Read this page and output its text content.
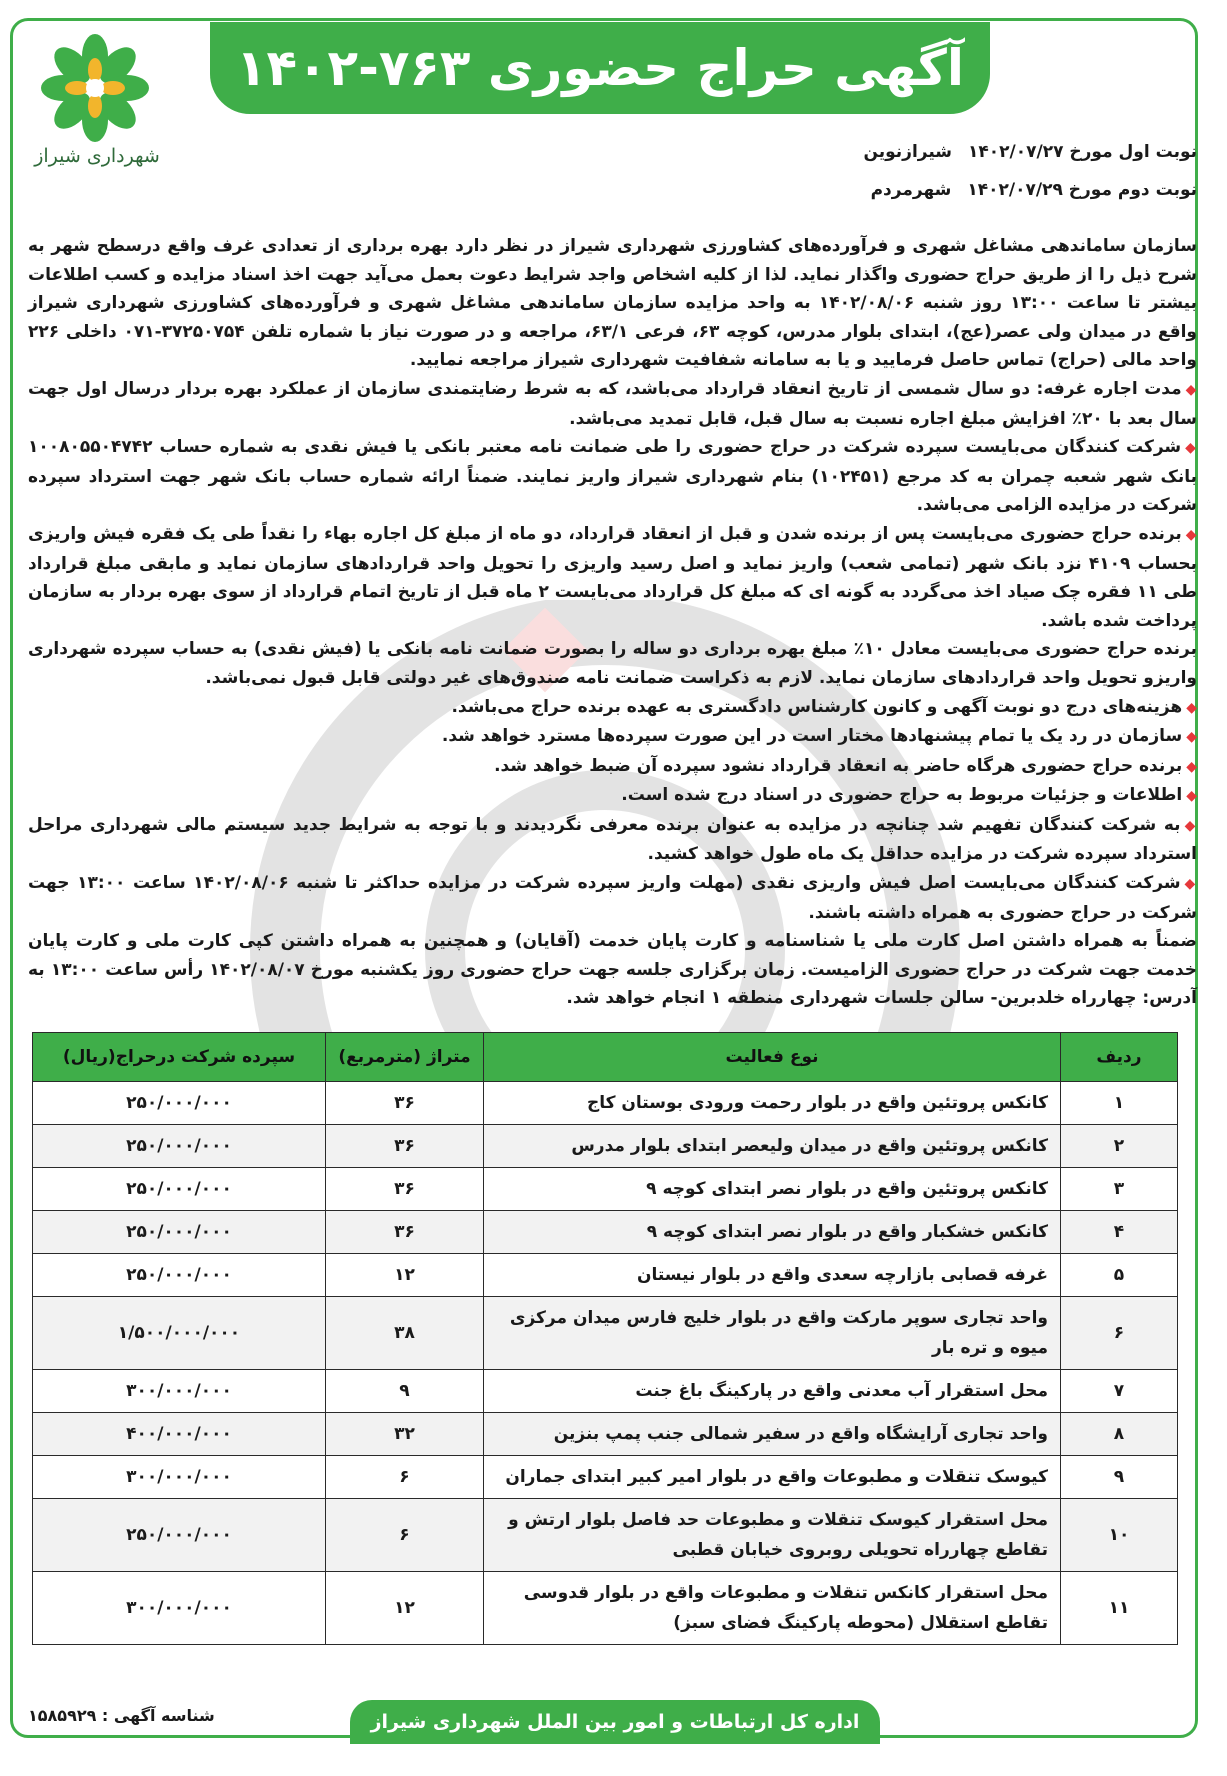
آگهی حراج حضوری ۷۶۳-۱۴۰۲
شهرداری شیراز	نوبت اول مورخ ۱۴۰۲/۰۷/۲۷شیرازنوین
نوبت دوم مورخ ۱۴۰۲/۰۷/۲۹شهرمردم

سازمان ساماندهی مشاغل شهری و فرآورده‌های کشاورزی شهرداری شیراز در نظر دارد بهره برداری از تعدادی غرف واقع درسطح شهر به شرح ذیل را از طریق حراج حضوری واگذار نماید. لذا از کلیه اشخاص واجد شرایط دعوت بعمل می‌آید جهت اخذ اسناد مزایده و کسب اطلاعات بیشتر تا ساعت ۱۳:۰۰ روز شنبه ۱۴۰۲/۰۸/۰۶ به واحد مزایده سازمان ساماندهی مشاغل شهری و فرآورده‌های کشاورزی شهرداری شیراز واقع در میدان ولی عصر(عج)، ابتدای بلوار مدرس، کوچه ۶۳، فرعی ۶۳/۱، مراجعه و در صورت نیاز با شماره تلفن ۳۷۲۵۰۷۵۴-۰۷۱ داخلی ۲۲۶ واحد مالی (حراج) تماس حاصل فرمایید و یا به سامانه شفافیت شهرداری شیراز مراجعه نمایید.

◆ مدت اجاره غرفه: دو سال شمسی از تاریخ انعقاد قرارداد می‌باشد، که به شرط رضایتمندی سازمان از عملکرد بهره بردار درسال اول جهت سال بعد با ۲۰٪ افزایش مبلغ اجاره نسبت به سال قبل، قابل تمدید می‌باشد.

◆ شرکت کنندگان می‌بایست سپرده شرکت در حراج حضوری را طی ضمانت نامه معتبر بانکی یا فیش نقدی به شماره حساب ۱۰۰۸۰۵۵۰۴۷۴۲ بانک شهر شعبه چمران به کد مرجع (۱۰۲۴۵۱) بنام شهرداری شیراز واریز نمایند. ضمناً ارائه شماره حساب بانک شهر جهت استرداد سپرده شرکت در مزایده الزامی می‌باشد.

◆ برنده حراج حضوری می‌بایست پس از برنده شدن و قبل از انعقاد قرارداد، دو ماه از مبلغ کل اجاره بهاء را نقداً طی یک فقره فیش واریزی بحساب ۴۱۰۹ نزد بانک شهر (تمامی شعب) واریز نماید و اصل رسید واریزی را تحویل واحد قراردادهای سازمان نماید و مابقی مبلغ قرارداد طی ۱۱ فقره چک صیاد اخذ می‌گردد به گونه ای که مبلغ کل قرارداد می‌بایست ۲ ماه قبل از تاریخ اتمام قرارداد از سوی بهره بردار به سازمان پرداخت شده باشد.

برنده حراج حضوری می‌بایست معادل ۱۰٪ مبلغ بهره برداری دو ساله را بصورت ضمانت نامه بانکی یا (فیش نقدی) به حساب سپرده شهرداری واریزو تحویل واحد قراردادهای سازمان نماید. لازم به ذکراست ضمانت نامه صندوق‌های غیر دولتی قابل قبول نمی‌باشد.

◆ هزینه‌های درج دو نوبت آگهی و کانون کارشناس دادگستری به عهده برنده حراج می‌باشد.

◆ سازمان در رد یک یا تمام پیشنهادها مختار است در این صورت سپرده‌ها مسترد خواهد شد.

◆ برنده حراج حضوری هرگاه حاضر به انعقاد قرارداد نشود سپرده آن ضبط خواهد شد.

◆ اطلاعات و جزئیات مربوط به حراج حضوری در اسناد درج شده است.

◆ به شرکت کنندگان تفهیم شد چنانچه در مزایده به عنوان برنده معرفی نگردیدند و با توجه به شرایط جدید سیستم مالی شهرداری مراحل استرداد سپرده شرکت در مزایده حداقل یک ماه طول خواهد کشید.

◆ شرکت کنندگان می‌بایست اصل فیش واریزی نقدی (مهلت واریز سپرده شرکت در مزایده حداکثر تا شنبه ۱۴۰۲/۰۸/۰۶ ساعت ۱۳:۰۰ جهت شرکت در حراج حضوری به همراه داشته باشند.

ضمناً به همراه داشتن اصل کارت ملی یا شناسنامه و کارت پایان خدمت (آقایان) و همچنین به همراه داشتن کپی کارت ملی و کارت پایان خدمت جهت شرکت در حراج حضوری الزامیست. زمان برگزاری جلسه جهت حراج حضوری روز یکشنبه مورخ ۱۴۰۲/۰۸/۰۷ رأس ساعت ۱۳:۰۰ به آدرس: چهارراه خلدبرین- سالن جلسات شهرداری منطقه ۱ انجام خواهد شد.

ردیف	نوع فعالیت	متراژ (مترمربع)	سپرده شرکت درحراج(ریال)
۱	کانکس پروتئین واقع در بلوار رحمت ورودی بوستان کاج	۳۶	۲۵۰/۰۰۰/۰۰۰
۲	کانکس پروتئین واقع در میدان ولیعصر ابتدای بلوار مدرس	۳۶	۲۵۰/۰۰۰/۰۰۰
۳	کانکس پروتئین واقع در بلوار نصر ابتدای کوچه ۹	۳۶	۲۵۰/۰۰۰/۰۰۰
۴	کانکس خشکبار واقع در بلوار نصر ابتدای کوچه ۹	۳۶	۲۵۰/۰۰۰/۰۰۰
۵	غرفه قصابی بازارچه سعدی واقع در بلوار نیستان	۱۲	۲۵۰/۰۰۰/۰۰۰
۶	واحد تجاری سوپر مارکت واقع در بلوار خلیج فارس میدان مرکزی میوه و تره بار	۳۸	۱/۵۰۰/۰۰۰/۰۰۰
۷	محل استقرار آب معدنی واقع در پارکینگ باغ جنت	۹	۳۰۰/۰۰۰/۰۰۰
۸	واحد تجاری آرایشگاه واقع در سفیر شمالی جنب پمپ بنزین	۳۲	۴۰۰/۰۰۰/۰۰۰
۹	کیوسک تنقلات و مطبوعات واقع در بلوار امیر کبیر ابتدای جماران	۶	۳۰۰/۰۰۰/۰۰۰
۱۰	محل استقرار کیوسک تنقلات و مطبوعات حد فاصل بلوار ارتش و تقاطع چهارراه تحویلی روبروی خیابان قطبی	۶	۲۵۰/۰۰۰/۰۰۰
۱۱	محل استقرار کانکس تنقلات و مطبوعات واقع در بلوار قدوسی تقاطع استقلال (محوطه پارکینگ فضای سبز)	۱۲	۳۰۰/۰۰۰/۰۰۰
شناسه آگهی : ۱۵۸۵۹۲۹	اداره کل ارتباطات و امور بین الملل شهرداری شیراز
